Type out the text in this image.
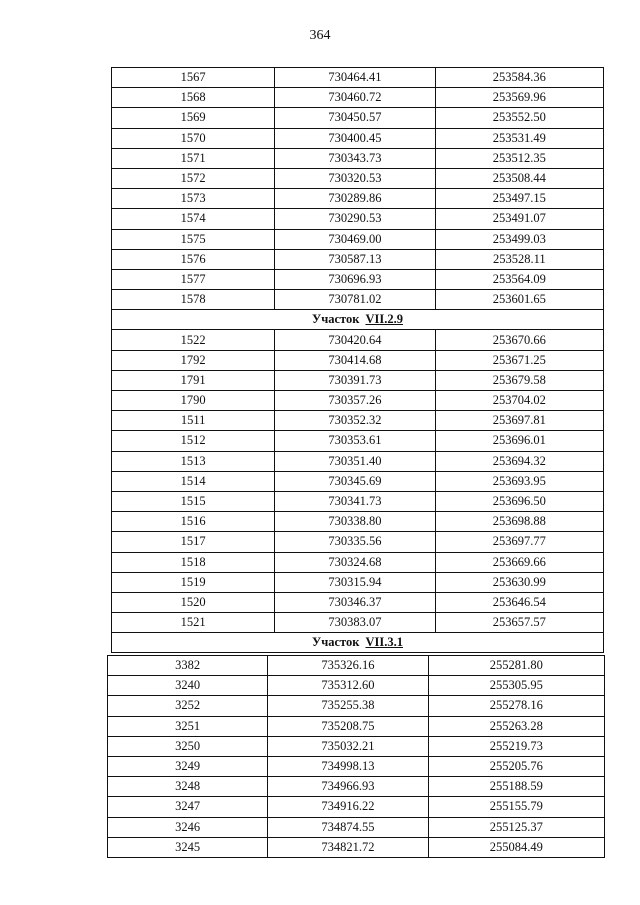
364
1567	730464.41	253584.36
1568	730460.72	253569.96
1569	730450.57	253552.50
1570	730400.45	253531.49
1571	730343.73	253512.35
1572	730320.53	253508.44
1573	730289.86	253497.15
1574	730290.53	253491.07
1575	730469.00	253499.03
1576	730587.13	253528.11
1577	730696.93	253564.09
1578	730781.02	253601.65
Участок VII.2.9		
1522	730420.64	253670.66
1792	730414.68	253671.25
1791	730391.73	253679.58
1790	730357.26	253704.02
1511	730352.32	253697.81
1512	730353.61	253696.01
1513	730351.40	253694.32
1514	730345.69	253693.95
1515	730341.73	253696.50
1516	730338.80	253698.88
1517	730335.56	253697.77
1518	730324.68	253669.66
1519	730315.94	253630.99
1520	730346.37	253646.54
1521	730383.07	253657.57
Участок VII.3.1		
3382	735326.16	255281.80
3240	735312.60	255305.95
3252	735255.38	255278.16
3251	735208.75	255263.28
3250	735032.21	255219.73
3249	734998.13	255205.76
3248	734966.93	255188.59
3247	734916.22	255155.79
3246	734874.55	255125.37
3245	734821.72	255084.49
